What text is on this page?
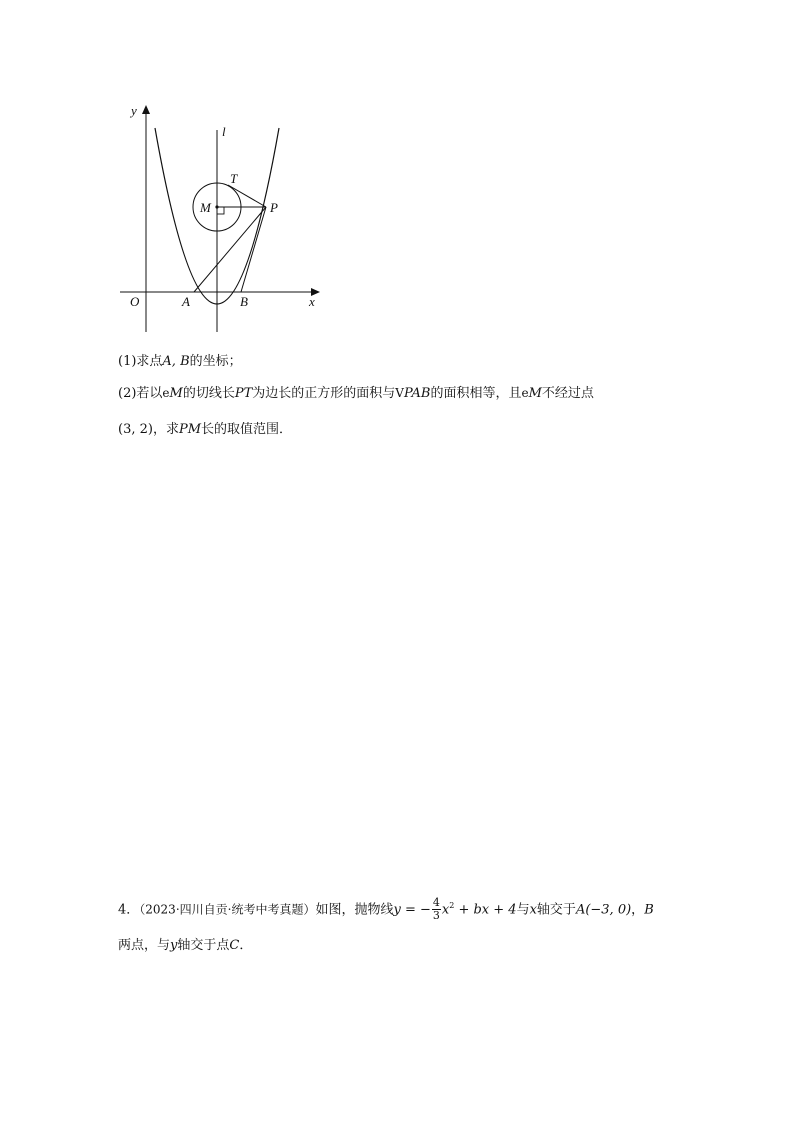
y
l
T
M	P
O	A	B	x
(1)求点A, B的坐标；
(2)若以eM的切线长PT为边长的正方形的面积与VPAB的面积相等，且eM不经过点
(3, 2)，求PM长的取值范围．
4．（2023·四川自贡·统考中考真题）如图，抛物线y = − $\frac{4}{3} x^2$ + bx + 4与x轴交于A(−3, 0)，B
两点，与y轴交于点C．
